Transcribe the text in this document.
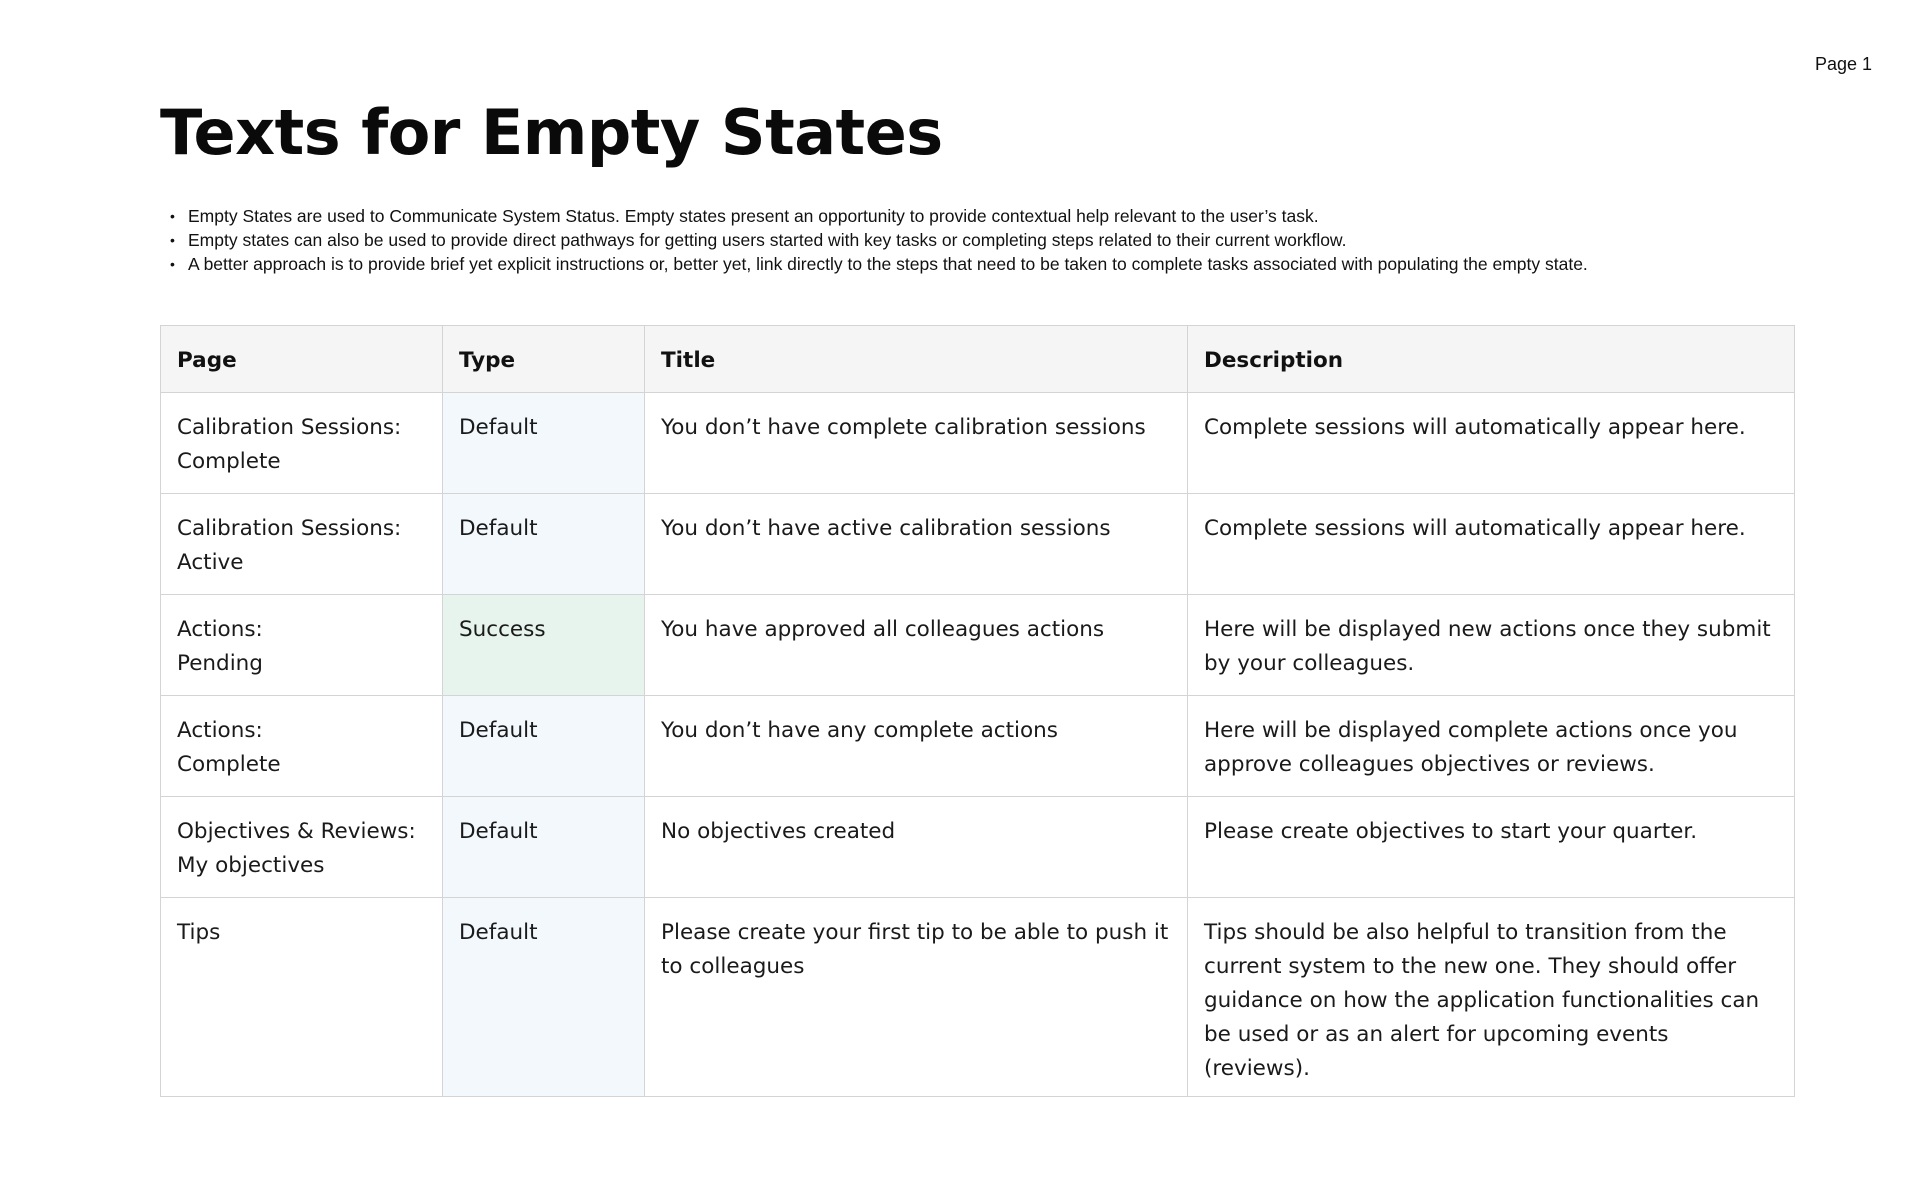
Page 1
Texts for Empty States
• Empty States are used to Communicate System Status. Empty states present an opportunity to provide contextual help relevant to the user’s task.
• Empty states can also be used to provide direct pathways for getting users started with key tasks or completing steps related to their current workflow.
• A better approach is to provide brief yet explicit instructions or, better yet, link directly to the steps that need to be taken to complete tasks associated with populating the empty state.
Page	Type	Title	Description
Calibration Sessions:
Complete	Default	You don’t have complete calibration sessions	Complete sessions will automatically appear here.
Calibration Sessions:
Active	Default	You don’t have active calibration sessions	Complete sessions will automatically appear here.
Actions:
Pending	Success	You have approved all colleagues actions	Here will be displayed new actions once they submit by your colleagues.
Actions:
Complete	Default	You don’t have any complete actions	Here will be displayed complete actions once you approve colleagues objectives or reviews.
Objectives & Reviews:
My objectives	Default	No objectives created	Please create objectives to start your quarter.
Tips	Default	Please create your first tip to be able to push it to colleagues	Tips should be also helpful to transition from the current system to the new one. They should offer guidance on how the application functionalities can be used or as an alert for upcoming events (reviews).
